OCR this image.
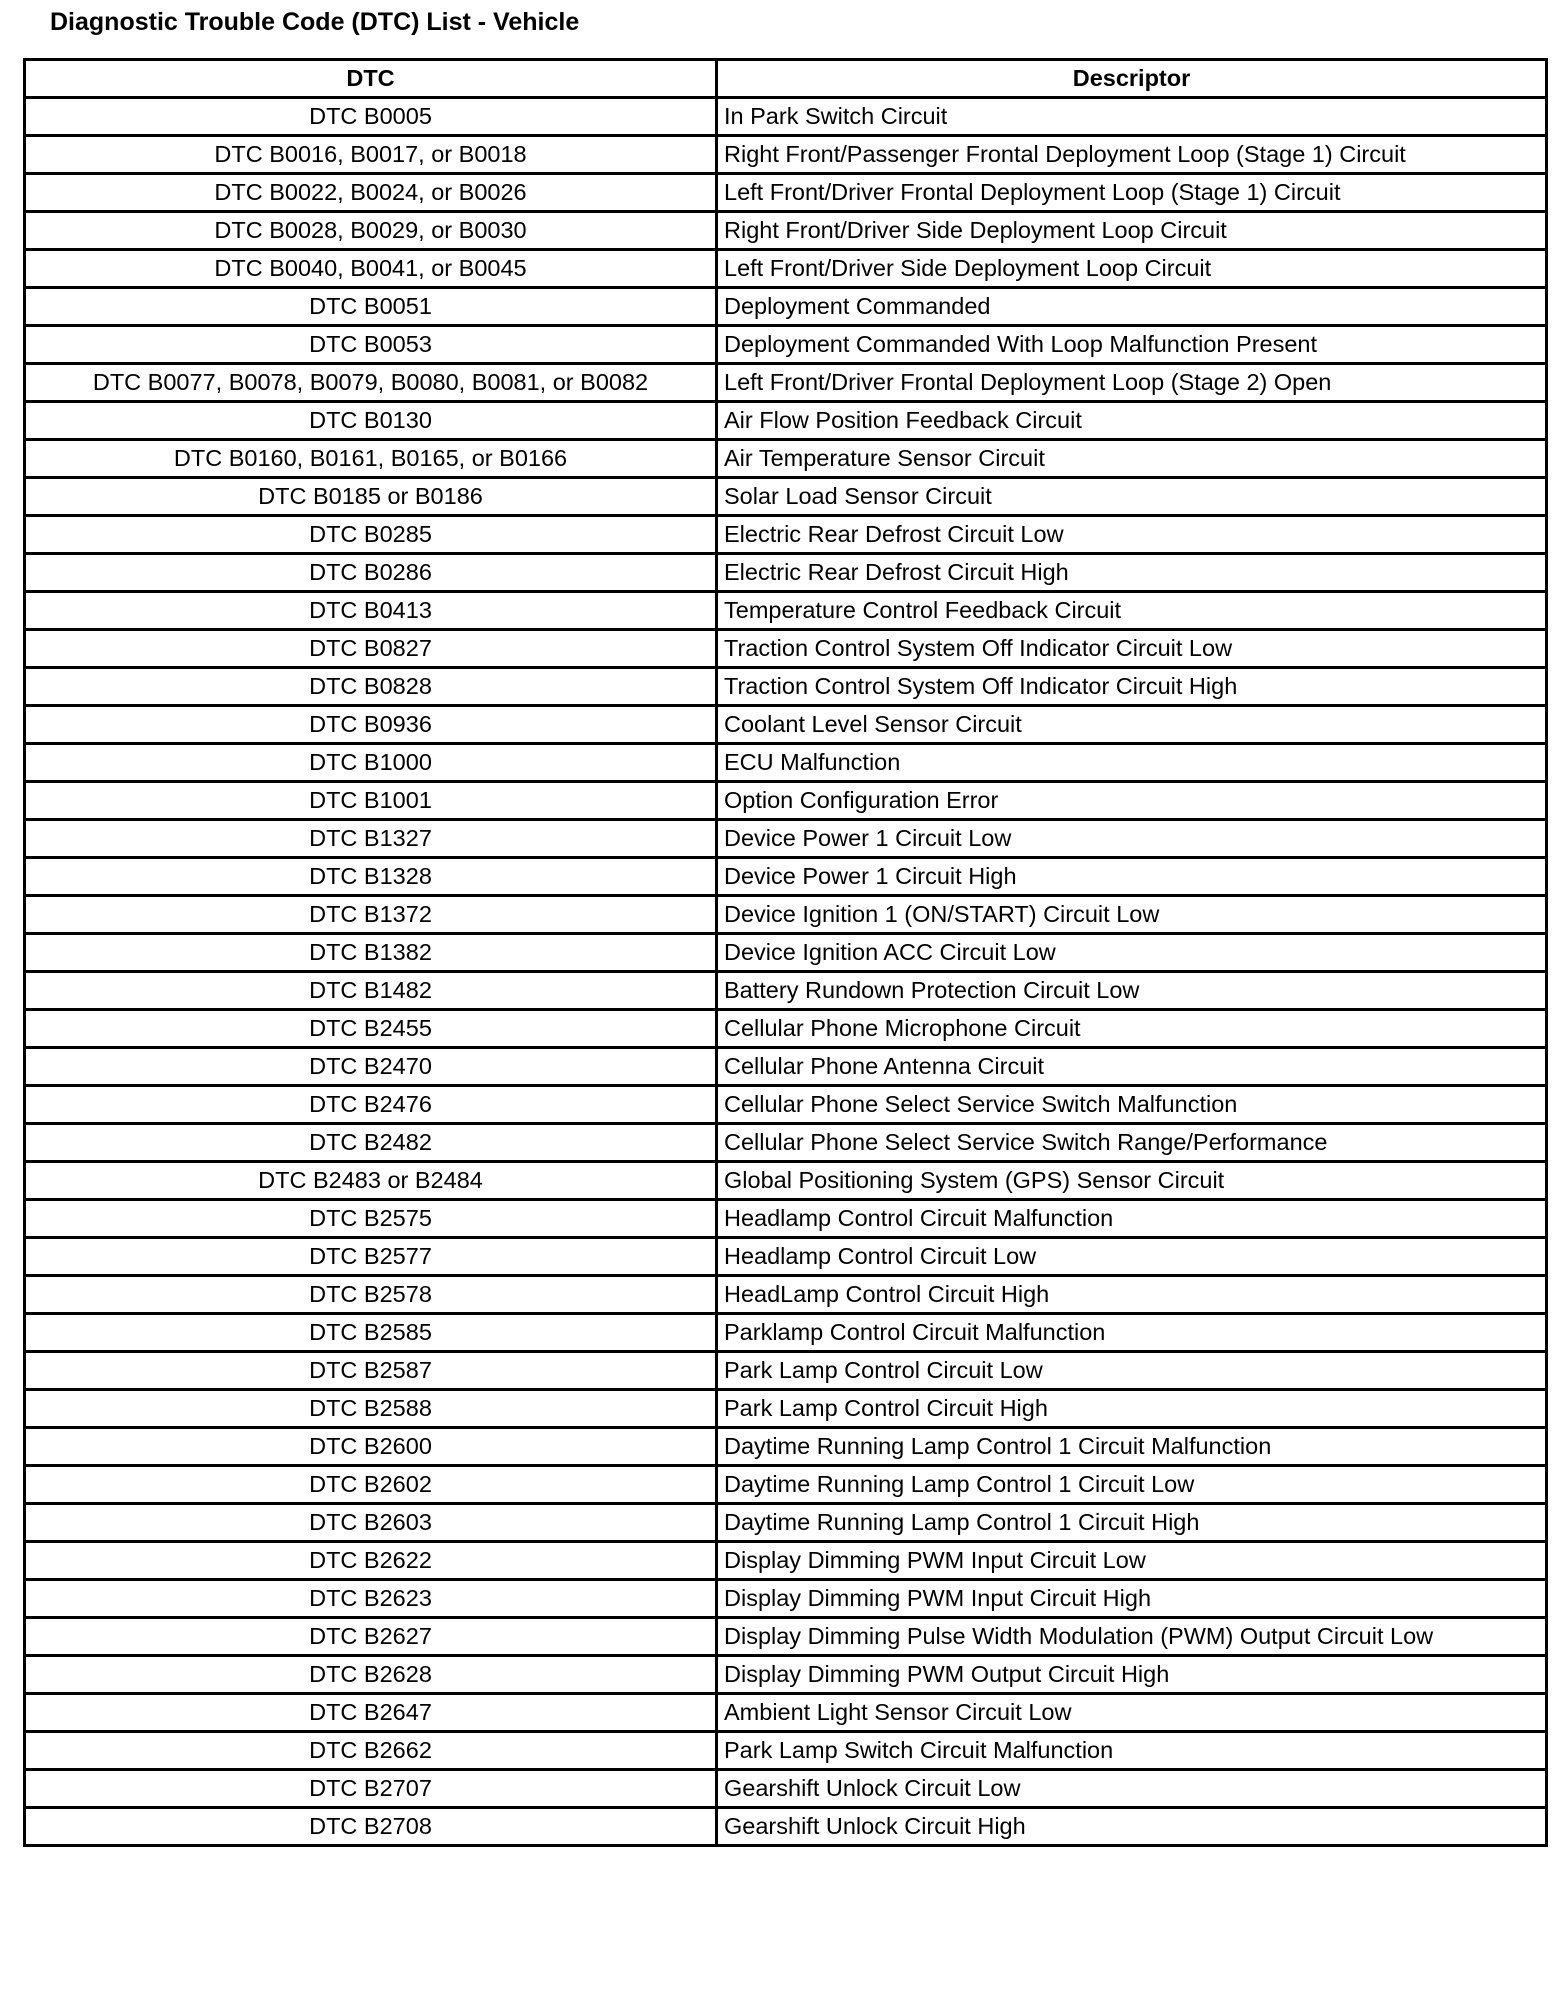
Diagnostic Trouble Code (DTC) List - Vehicle
DTC	Descriptor
DTC B0005	In Park Switch Circuit
DTC B0016, B0017, or B0018	Right Front/Passenger Frontal Deployment Loop (Stage 1) Circuit
DTC B0022, B0024, or B0026	Left Front/Driver Frontal Deployment Loop (Stage 1) Circuit
DTC B0028, B0029, or B0030	Right Front/Driver Side Deployment Loop Circuit
DTC B0040, B0041, or B0045	Left Front/Driver Side Deployment Loop Circuit
DTC B0051	Deployment Commanded
DTC B0053	Deployment Commanded With Loop Malfunction Present
DTC B0077, B0078, B0079, B0080, B0081, or B0082	Left Front/Driver Frontal Deployment Loop (Stage 2) Open
DTC B0130	Air Flow Position Feedback Circuit
DTC B0160, B0161, B0165, or B0166	Air Temperature Sensor Circuit
DTC B0185 or B0186	Solar Load Sensor Circuit
DTC B0285	Electric Rear Defrost Circuit Low
DTC B0286	Electric Rear Defrost Circuit High
DTC B0413	Temperature Control Feedback Circuit
DTC B0827	Traction Control System Off Indicator Circuit Low
DTC B0828	Traction Control System Off Indicator Circuit High
DTC B0936	Coolant Level Sensor Circuit
DTC B1000	ECU Malfunction
DTC B1001	Option Configuration Error
DTC B1327	Device Power 1 Circuit Low
DTC B1328	Device Power 1 Circuit High
DTC B1372	Device Ignition 1 (ON/START) Circuit Low
DTC B1382	Device Ignition ACC Circuit Low
DTC B1482	Battery Rundown Protection Circuit Low
DTC B2455	Cellular Phone Microphone Circuit
DTC B2470	Cellular Phone Antenna Circuit
DTC B2476	Cellular Phone Select Service Switch Malfunction
DTC B2482	Cellular Phone Select Service Switch Range/Performance
DTC B2483 or B2484	Global Positioning System (GPS) Sensor Circuit
DTC B2575	Headlamp Control Circuit Malfunction
DTC B2577	Headlamp Control Circuit Low
DTC B2578	HeadLamp Control Circuit High
DTC B2585	Parklamp Control Circuit Malfunction
DTC B2587	Park Lamp Control Circuit Low
DTC B2588	Park Lamp Control Circuit High
DTC B2600	Daytime Running Lamp Control 1 Circuit Malfunction
DTC B2602	Daytime Running Lamp Control 1 Circuit Low
DTC B2603	Daytime Running Lamp Control 1 Circuit High
DTC B2622	Display Dimming PWM Input Circuit Low
DTC B2623	Display Dimming PWM Input Circuit High
DTC B2627	Display Dimming Pulse Width Modulation (PWM) Output Circuit Low
DTC B2628	Display Dimming PWM Output Circuit High
DTC B2647	Ambient Light Sensor Circuit Low
DTC B2662	Park Lamp Switch Circuit Malfunction
DTC B2707	Gearshift Unlock Circuit Low
DTC B2708	Gearshift Unlock Circuit High
